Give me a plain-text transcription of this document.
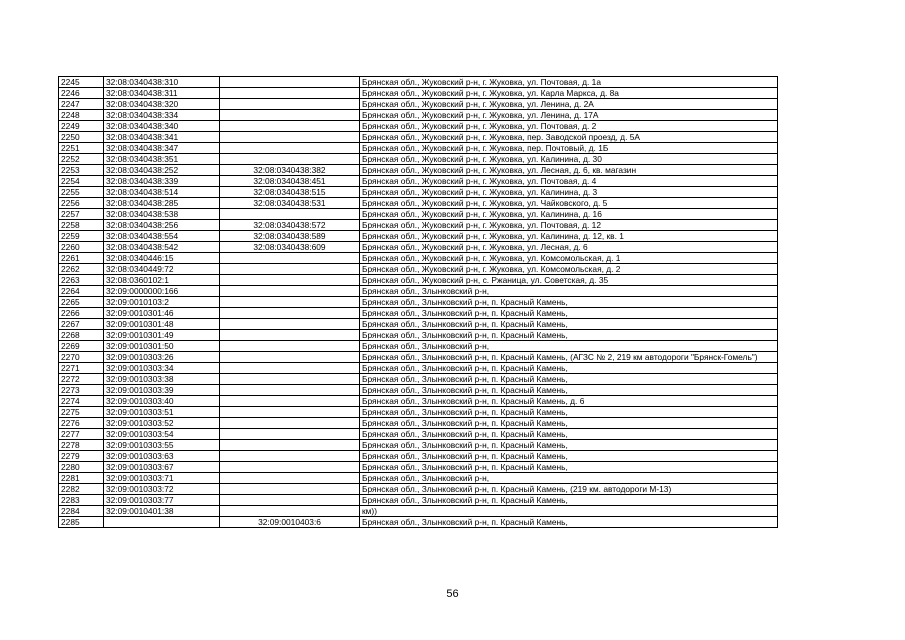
2245	32:08:0340438:310		Брянская обл., Жуковский р-н, г. Жуковка, ул. Почтовая, д. 1а
2246	32:08:0340438:311		Брянская обл., Жуковский р-н, г. Жуковка, ул. Карла Маркса, д. 8а
2247	32:08:0340438:320		Брянская обл., Жуковский р-н, г. Жуковка, ул. Ленина, д. 2А
2248	32:08:0340438:334		Брянская обл., Жуковский р-н, г. Жуковка, ул. Ленина, д. 17А
2249	32:08:0340438:340		Брянская обл., Жуковский р-н, г. Жуковка, ул. Почтовая, д. 2
2250	32:08:0340438:341		Брянская обл., Жуковский р-н, г. Жуковка, пер. Заводской проезд, д. 5А
2251	32:08:0340438:347		Брянская обл., Жуковский р-н, г. Жуковка, пер. Почтовый, д. 1Б
2252	32:08:0340438:351		Брянская обл., Жуковский р-н, г. Жуковка, ул. Калинина, д. 30
2253	32:08:0340438:252	32:08:0340438:382	Брянская обл., Жуковский р-н, г. Жуковка, ул. Лесная, д. 6, кв. магазин
2254	32:08:0340438:339	32:08:0340438:451	Брянская обл., Жуковский р-н, г. Жуковка, ул. Почтовая, д. 4
2255	32:08:0340438:514	32:08:0340438:515	Брянская обл., Жуковский р-н, г. Жуковка, ул. Калинина, д. 3
2256	32:08:0340438:285	32:08:0340438:531	Брянская обл., Жуковский р-н, г. Жуковка, ул. Чайковского, д. 5
2257	32:08:0340438:538		Брянская обл., Жуковский р-н, г. Жуковка, ул. Калинина, д. 16
2258	32:08:0340438:256	32:08:0340438:572	Брянская обл., Жуковский р-н, г. Жуковка, ул. Почтовая, д. 12
2259	32:08:0340438:554	32:08:0340438:589	Брянская обл., Жуковский р-н, г. Жуковка, ул. Калинина, д. 12, кв. 1
2260	32:08:0340438:542	32:08:0340438:609	Брянская обл., Жуковский р-н, г. Жуковка, ул. Лесная, д. 6
2261	32:08:0340446:15		Брянская обл., Жуковский р-н, г. Жуковка, ул. Комсомольская, д. 1
2262	32:08:0340449:72		Брянская обл., Жуковский р-н, г. Жуковка, ул. Комсомольская, д. 2
2263	32:08:0360102:1		Брянская обл., Жуковский р-н, с. Ржаница, ул. Советская, д. 35
2264	32:09:0000000:166		Брянская обл., Злынковский р-н,
2265	32:09:0010103:2		Брянская обл., Злынковский р-н, п. Красный Камень,
2266	32:09:0010301:46		Брянская обл., Злынковский р-н, п. Красный Камень,
2267	32:09:0010301:48		Брянская обл., Злынковский р-н, п. Красный Камень,
2268	32:09:0010301:49		Брянская обл., Злынковский р-н, п. Красный Камень,
2269	32:09:0010301:50		Брянская обл., Злынковский р-н,
2270	32:09:0010303:26		Брянская обл., Злынковский р-н, п. Красный Камень, (АГЗС № 2, 219 км автодороги "Брянск-Гомель")
2271	32:09:0010303:34		Брянская обл., Злынковский р-н, п. Красный Камень,
2272	32:09:0010303:38		Брянская обл., Злынковский р-н, п. Красный Камень,
2273	32:09:0010303:39		Брянская обл., Злынковский р-н, п. Красный Камень,
2274	32:09:0010303:40		Брянская обл., Злынковский р-н, п. Красный Камень, д. 6
2275	32:09:0010303:51		Брянская обл., Злынковский р-н, п. Красный Камень,
2276	32:09:0010303:52		Брянская обл., Злынковский р-н, п. Красный Камень,
2277	32:09:0010303:54		Брянская обл., Злынковский р-н, п. Красный Камень,
2278	32:09:0010303:55		Брянская обл., Злынковский р-н, п. Красный Камень,
2279	32:09:0010303:63		Брянская обл., Злынковский р-н, п. Красный Камень,
2280	32:09:0010303:67		Брянская обл., Злынковский р-н, п. Красный Камень,
2281	32:09:0010303:71		Брянская обл., Злынковский р-н,
2282	32:09:0010303:72		Брянская обл., Злынковский р-н, п. Красный Камень, (219 км. автодороги М-13)
2283	32:09:0010303:77		Брянская обл., Злынковский р-н, п. Красный Камень,
2284	32:09:0010401:38		км))
2285		32:09:0010403:6	Брянская обл., Злынковский р-н, п. Красный Камень,
56
